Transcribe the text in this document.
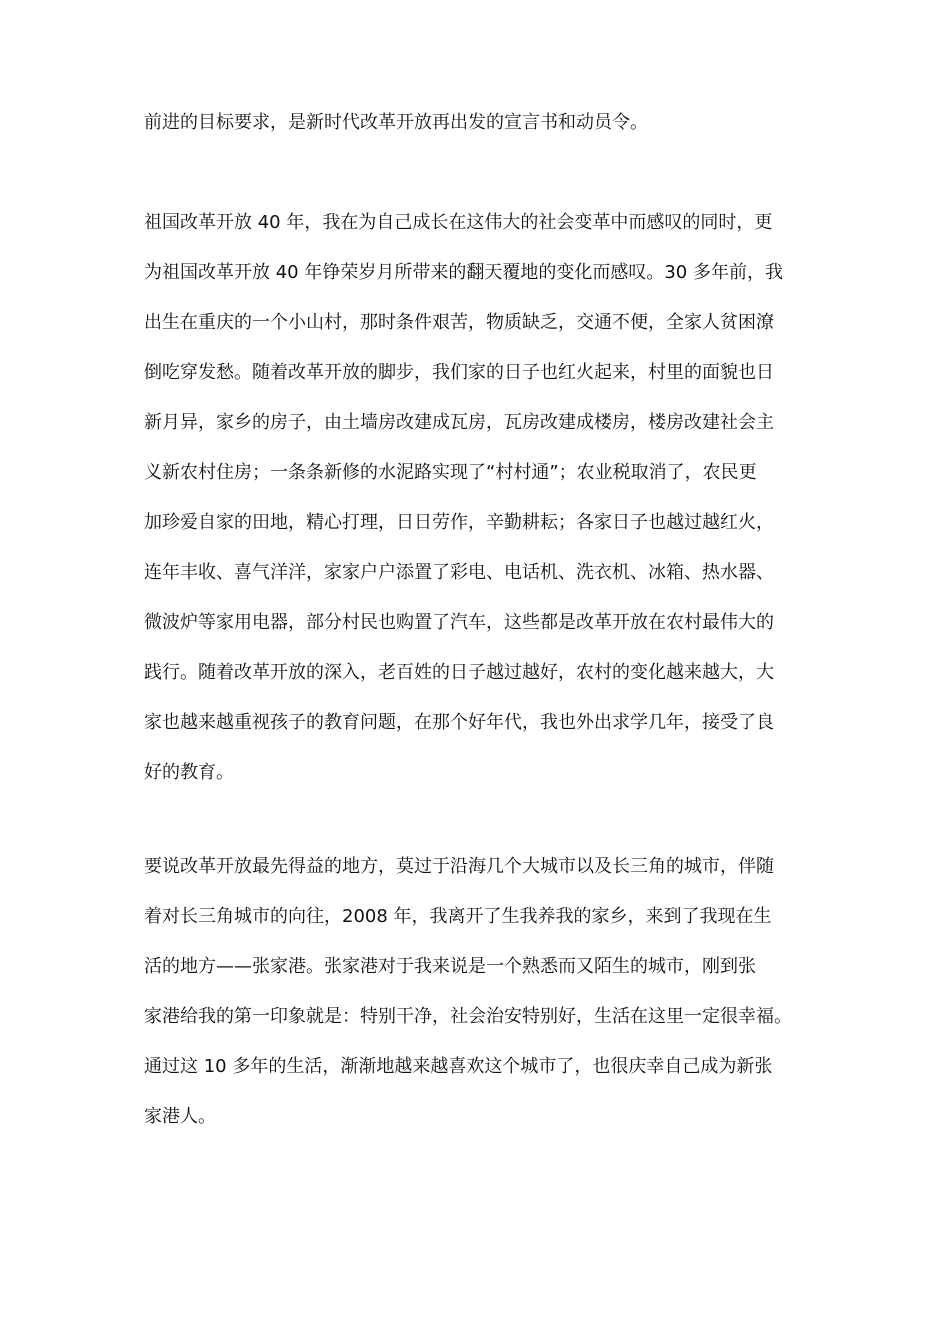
前进的目标要求，是新时代改革开放再出发的宣言书和动员令。
祖国改革开放 40 年，我在为自己成长在这伟大的社会变革中而感叹的同时，更
为祖国改革开放 40 年铮荣岁月所带来的翻天覆地的变化而感叹。30 多年前，我
出生在重庆的一个小山村，那时条件艰苦，物质缺乏，交通不便，全家人贫困潦
倒吃穿发愁。随着改革开放的脚步，我们家的日子也红火起来，村里的面貌也日
新月异，家乡的房子，由土墙房改建成瓦房，瓦房改建成楼房，楼房改建社会主
义新农村住房；一条条新修的水泥路实现了“村村通”；农业税取消了，农民更
加珍爱自家的田地，精心打理，日日劳作，辛勤耕耘；各家日子也越过越红火，
连年丰收、喜气洋洋，家家户户添置了彩电、电话机、洗衣机、冰箱、热水器、
微波炉等家用电器，部分村民也购置了汽车，这些都是改革开放在农村最伟大的
践行。随着改革开放的深入，老百姓的日子越过越好，农村的变化越来越大，大
家也越来越重视孩子的教育问题，在那个好年代，我也外出求学几年，接受了良
好的教育。
要说改革开放最先得益的地方，莫过于沿海几个大城市以及长三角的城市，伴随
着对长三角城市的向往，2008 年，我离开了生我养我的家乡，来到了我现在生
活的地方——张家港。张家港对于我来说是一个熟悉而又陌生的城市，刚到张
家港给我的第一印象就是：特别干净，社会治安特别好，生活在这里一定很幸福。
通过这 10 多年的生活，渐渐地越来越喜欢这个城市了，也很庆幸自己成为新张
家港人。
